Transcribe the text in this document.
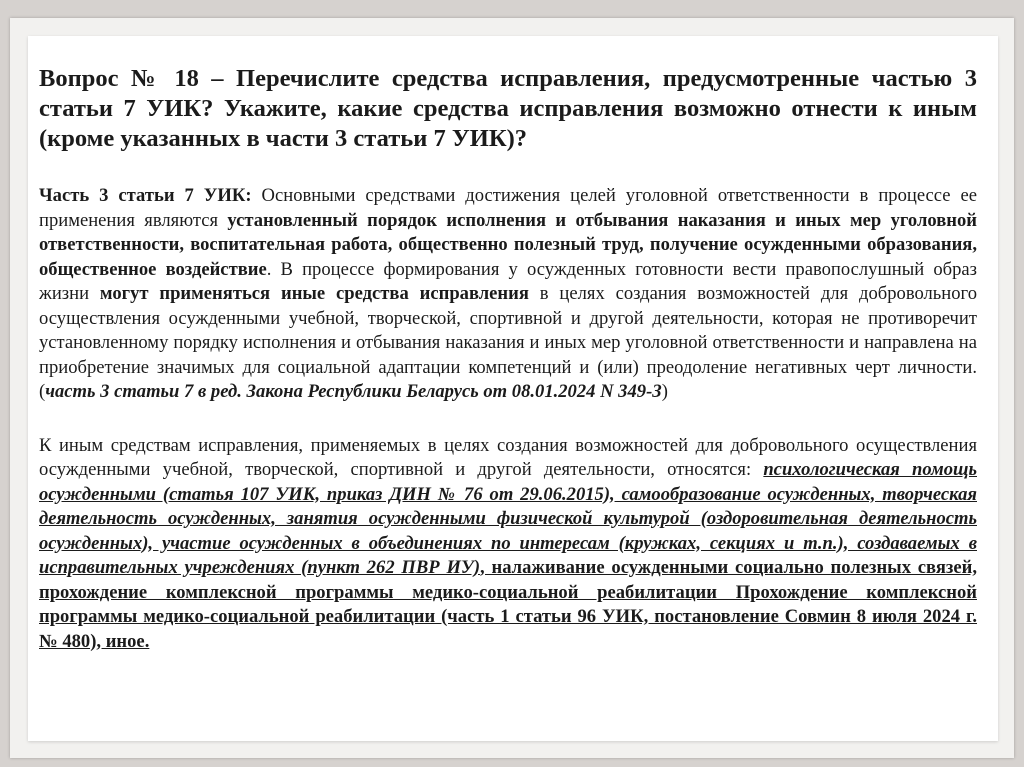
Вопрос № 18 – Перечислите средства исправления, предусмотренные частью 3 статьи 7 УИК? Укажите, какие средства исправления возможно отнести к иным (кроме указанных в части 3 статьи 7 УИК)?

Часть 3 статьи 7 УИК: Основными средствами достижения целей уголовной ответственности в процессе ее применения являются установленный порядок исполнения и отбывания наказания и иных мер уголовной ответственности, воспитательная работа, общественно полезный труд, получение осужденными образования, общественное воздействие. В процессе формирования у осужденных готовности вести правопослушный образ жизни могут применяться иные средства исправления в целях создания возможностей для добровольного осуществления осужденными учебной, творческой, спортивной и другой деятельности, которая не противоречит установленному порядку исполнения и отбывания наказания и иных мер уголовной ответственности и направлена на приобретение значимых для социальной адаптации компетенций и (или) преодоление негативных черт личности. (часть 3 статьи 7 в ред. Закона Республики Беларусь от 08.01.2024 N 349-З)

К иным средствам исправления, применяемых в целях создания возможностей для добровольного осуществления осужденными учебной, творческой, спортивной и другой деятельности, относятся: психологическая помощь осужденными (статья 107 УИК, приказ ДИН № 76 от 29.06.2015), самообразование осужденных, творческая деятельность осужденных, занятия осужденными физической культурой (оздоровительная деятельность осужденных), участие осужденных в объединениях по интересам (кружках, секциях и т.п.), создаваемых в исправительных учреждениях (пункт 262 ПВР ИУ), налаживание осужденными социально полезных связей, прохождение комплексной программы медико-социальной реабилитации Прохождение комплексной программы медико-социальной реабилитации (часть 1 статьи 96 УИК, постановление Совмин 8 июля 2024 г. № 480), иное.
